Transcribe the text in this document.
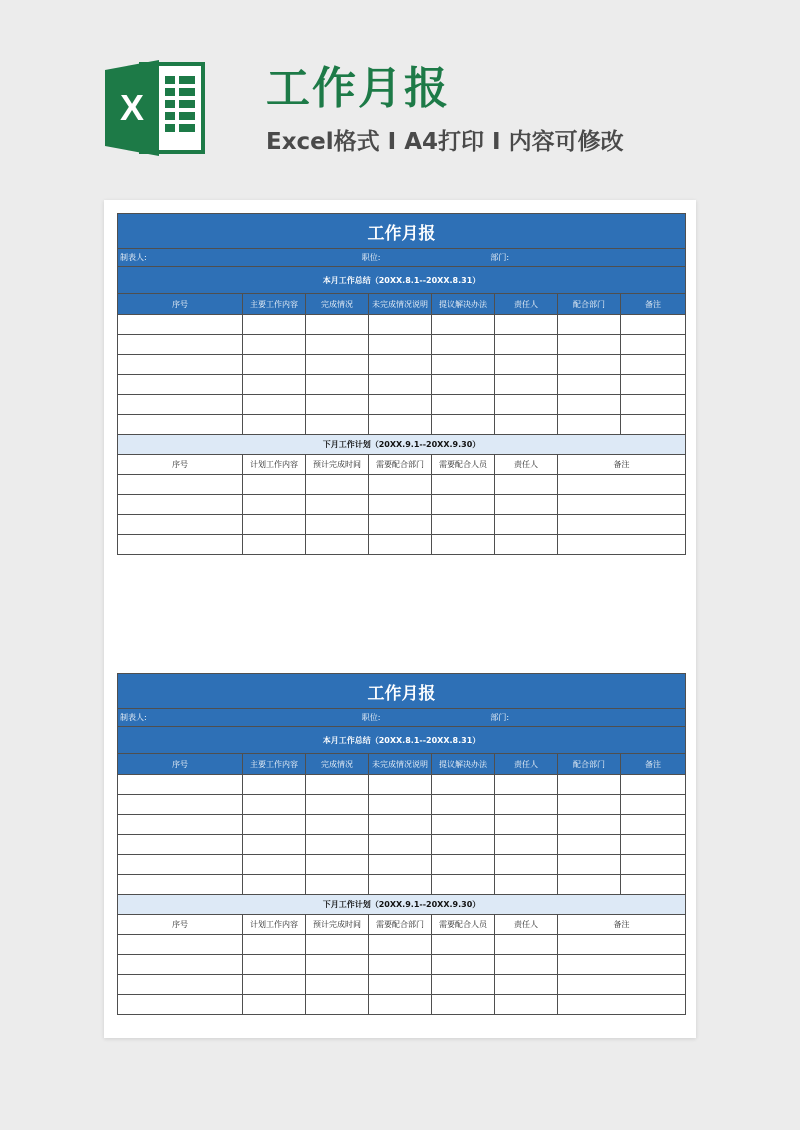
X	工作月报
Excel格式 I A4打印 I 内容可修改
工作月报							
制表人: 职位: 部门:							
本月工作总结（20XX.8.1--20XX.8.31）							
序号	主要工作内容	完成情况	未完成情况说明	提议解决办法	责任人	配合部门	备注

下月工作计划（20XX.9.1--20XX.9.30）							
序号	计划工作内容	预计完成时间	需要配合部门	需要配合人员	责任人	备注	

工作月报							
制表人: 职位: 部门:							
本月工作总结（20XX.8.1--20XX.8.31）							
序号	主要工作内容	完成情况	未完成情况说明	提议解决办法	责任人	配合部门	备注

下月工作计划（20XX.9.1--20XX.9.30）							
序号	计划工作内容	预计完成时间	需要配合部门	需要配合人员	责任人	备注	
